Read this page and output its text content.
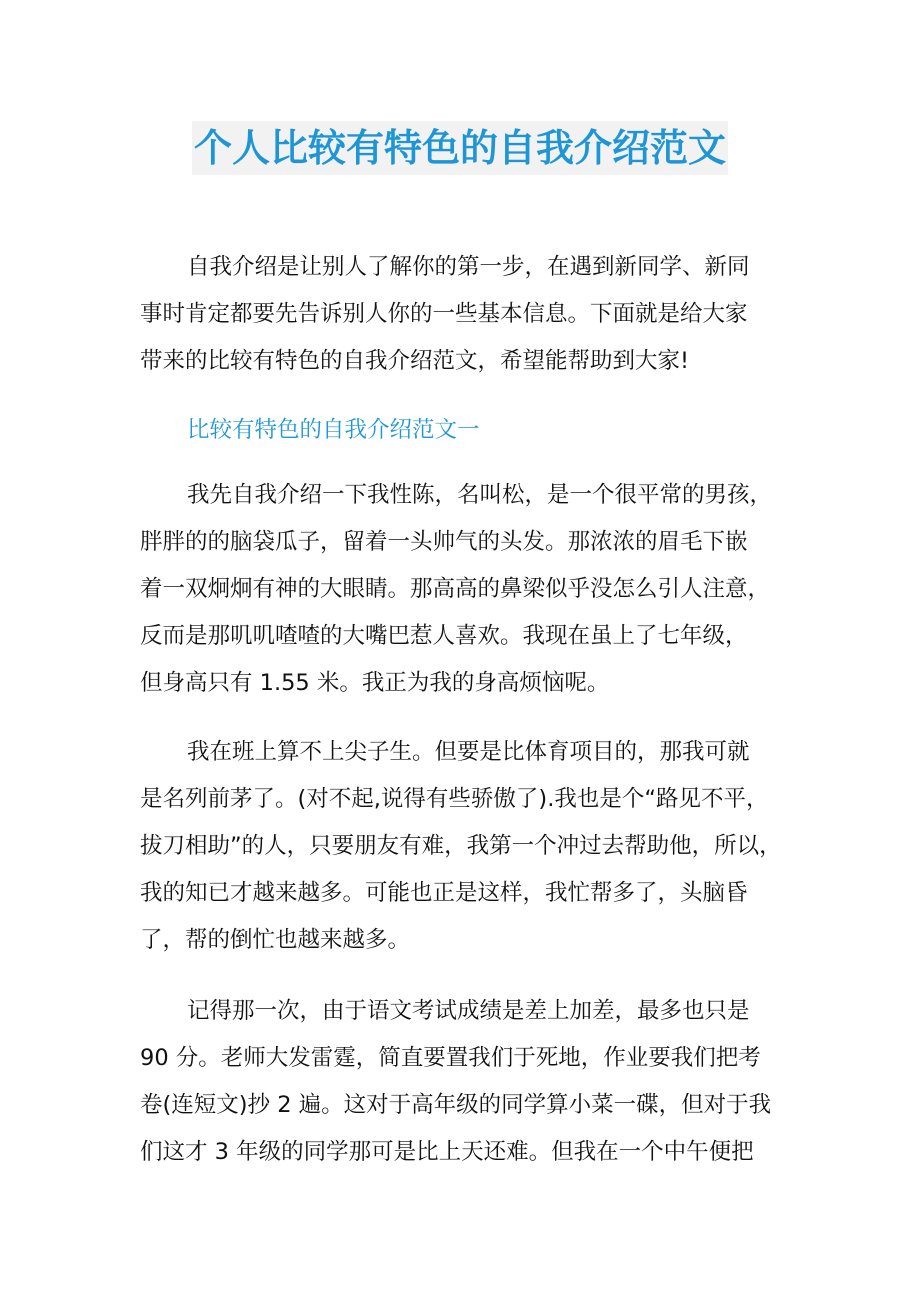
个人比较有特色的自我介绍范文
自我介绍是让别人了解你的第一步，在遇到新同学、新同
事时肯定都要先告诉别人你的一些基本信息。下面就是给大家
带来的比较有特色的自我介绍范文，希望能帮助到大家!
比较有特色的自我介绍范文一
我先自我介绍一下我性陈，名叫松，是一个很平常的男孩，
胖胖的的脑袋瓜子，留着一头帅气的头发。那浓浓的眉毛下嵌
着一双炯炯有神的大眼睛。那高高的鼻梁似乎没怎么引人注意，
反而是那叽叽喳喳的大嘴巴惹人喜欢。我现在虽上了七年级，
但身高只有 1.55 米。我正为我的身高烦恼呢。
我在班上算不上尖子生。但要是比体育项目的，那我可就
是名列前茅了。(对不起,说得有些骄傲了).我也是个“路见不平，
拔刀相助”的人，只要朋友有难，我第一个冲过去帮助他，所以，
我的知已才越来越多。可能也正是这样，我忙帮多了，头脑昏
了，帮的倒忙也越来越多。
记得那一次，由于语文考试成绩是差上加差，最多也只是
90 分。老师大发雷霆，简直要置我们于死地，作业要我们把考
卷(连短文)抄 2 遍。这对于高年级的同学算小菜一碟，但对于我
们这才 3 年级的同学那可是比上天还难。但我在一个中午便把
